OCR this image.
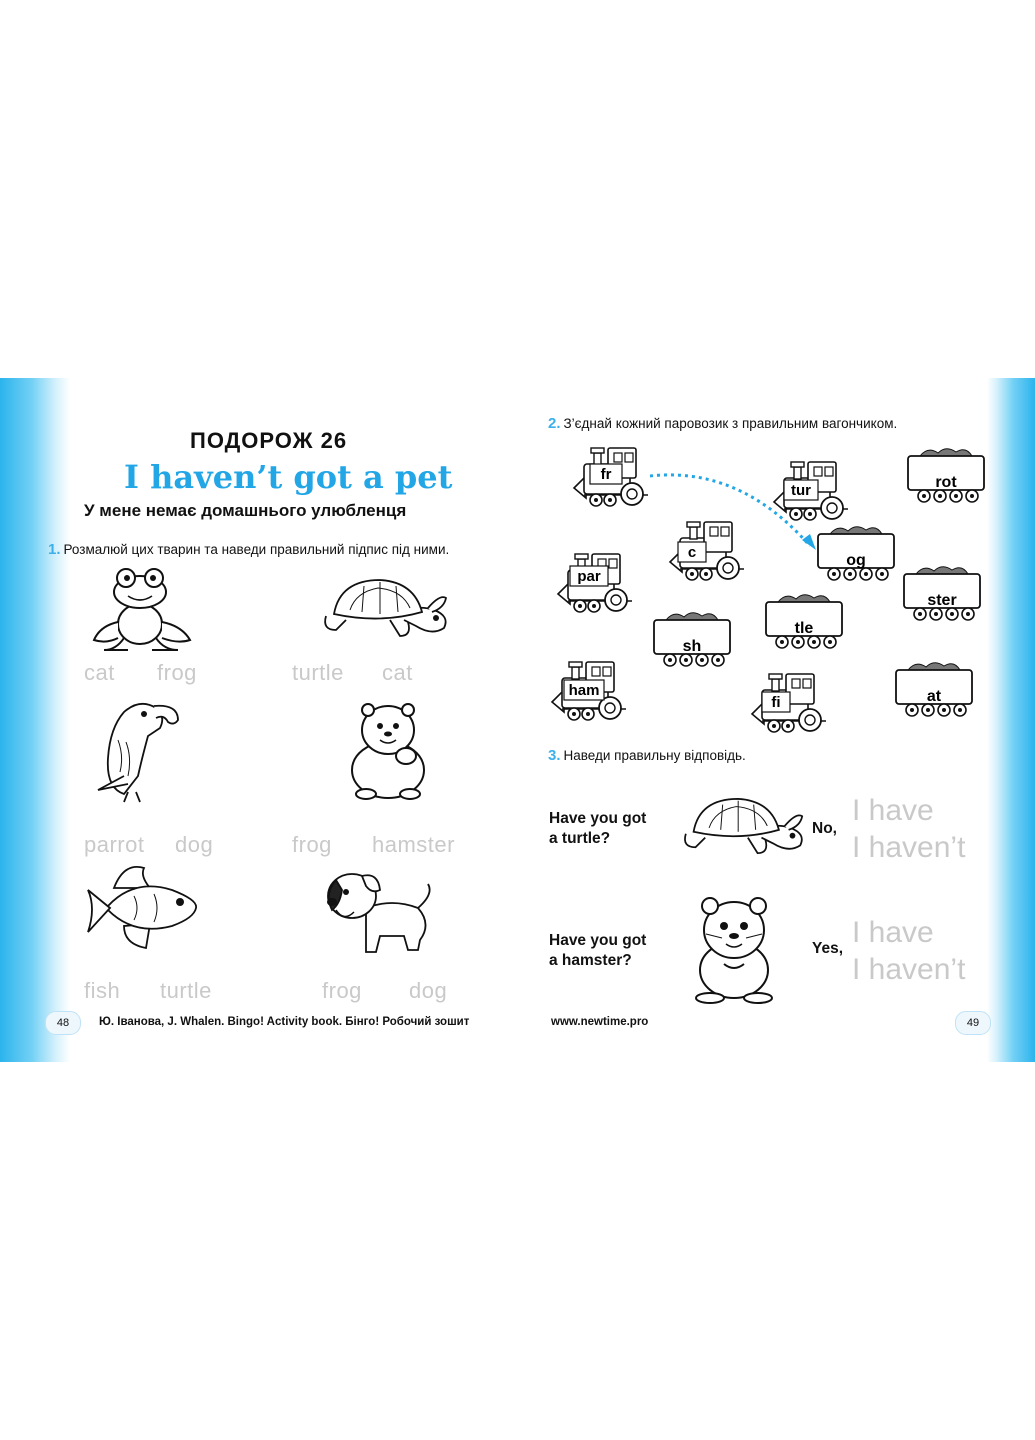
ПОДОРОЖ 26
I haven’t got a pet
У мене немає домашнього улюбленця
1. Розмалюй цих тварин та наведи правильний підпис під ними.
cat frog	turtle cat
parrot dog	frog hamster
fish turtle	frog dog
48	Ю. Іванова, J. Whalen. Bingo! Activity book. Бінго! Робочий зошит
2. З’єднай кожний паровозик з правильним вагончиком.
fr
tur
c
par
ham
fi
rot
og
ster
tle
sh
at
3. Наведи правильну відповідь.
Have you got
a turtle?
No,
I have
I haven’t
Have you got
a hamster?
Yes, I have
I haven’t
www.newtime.pro	49
